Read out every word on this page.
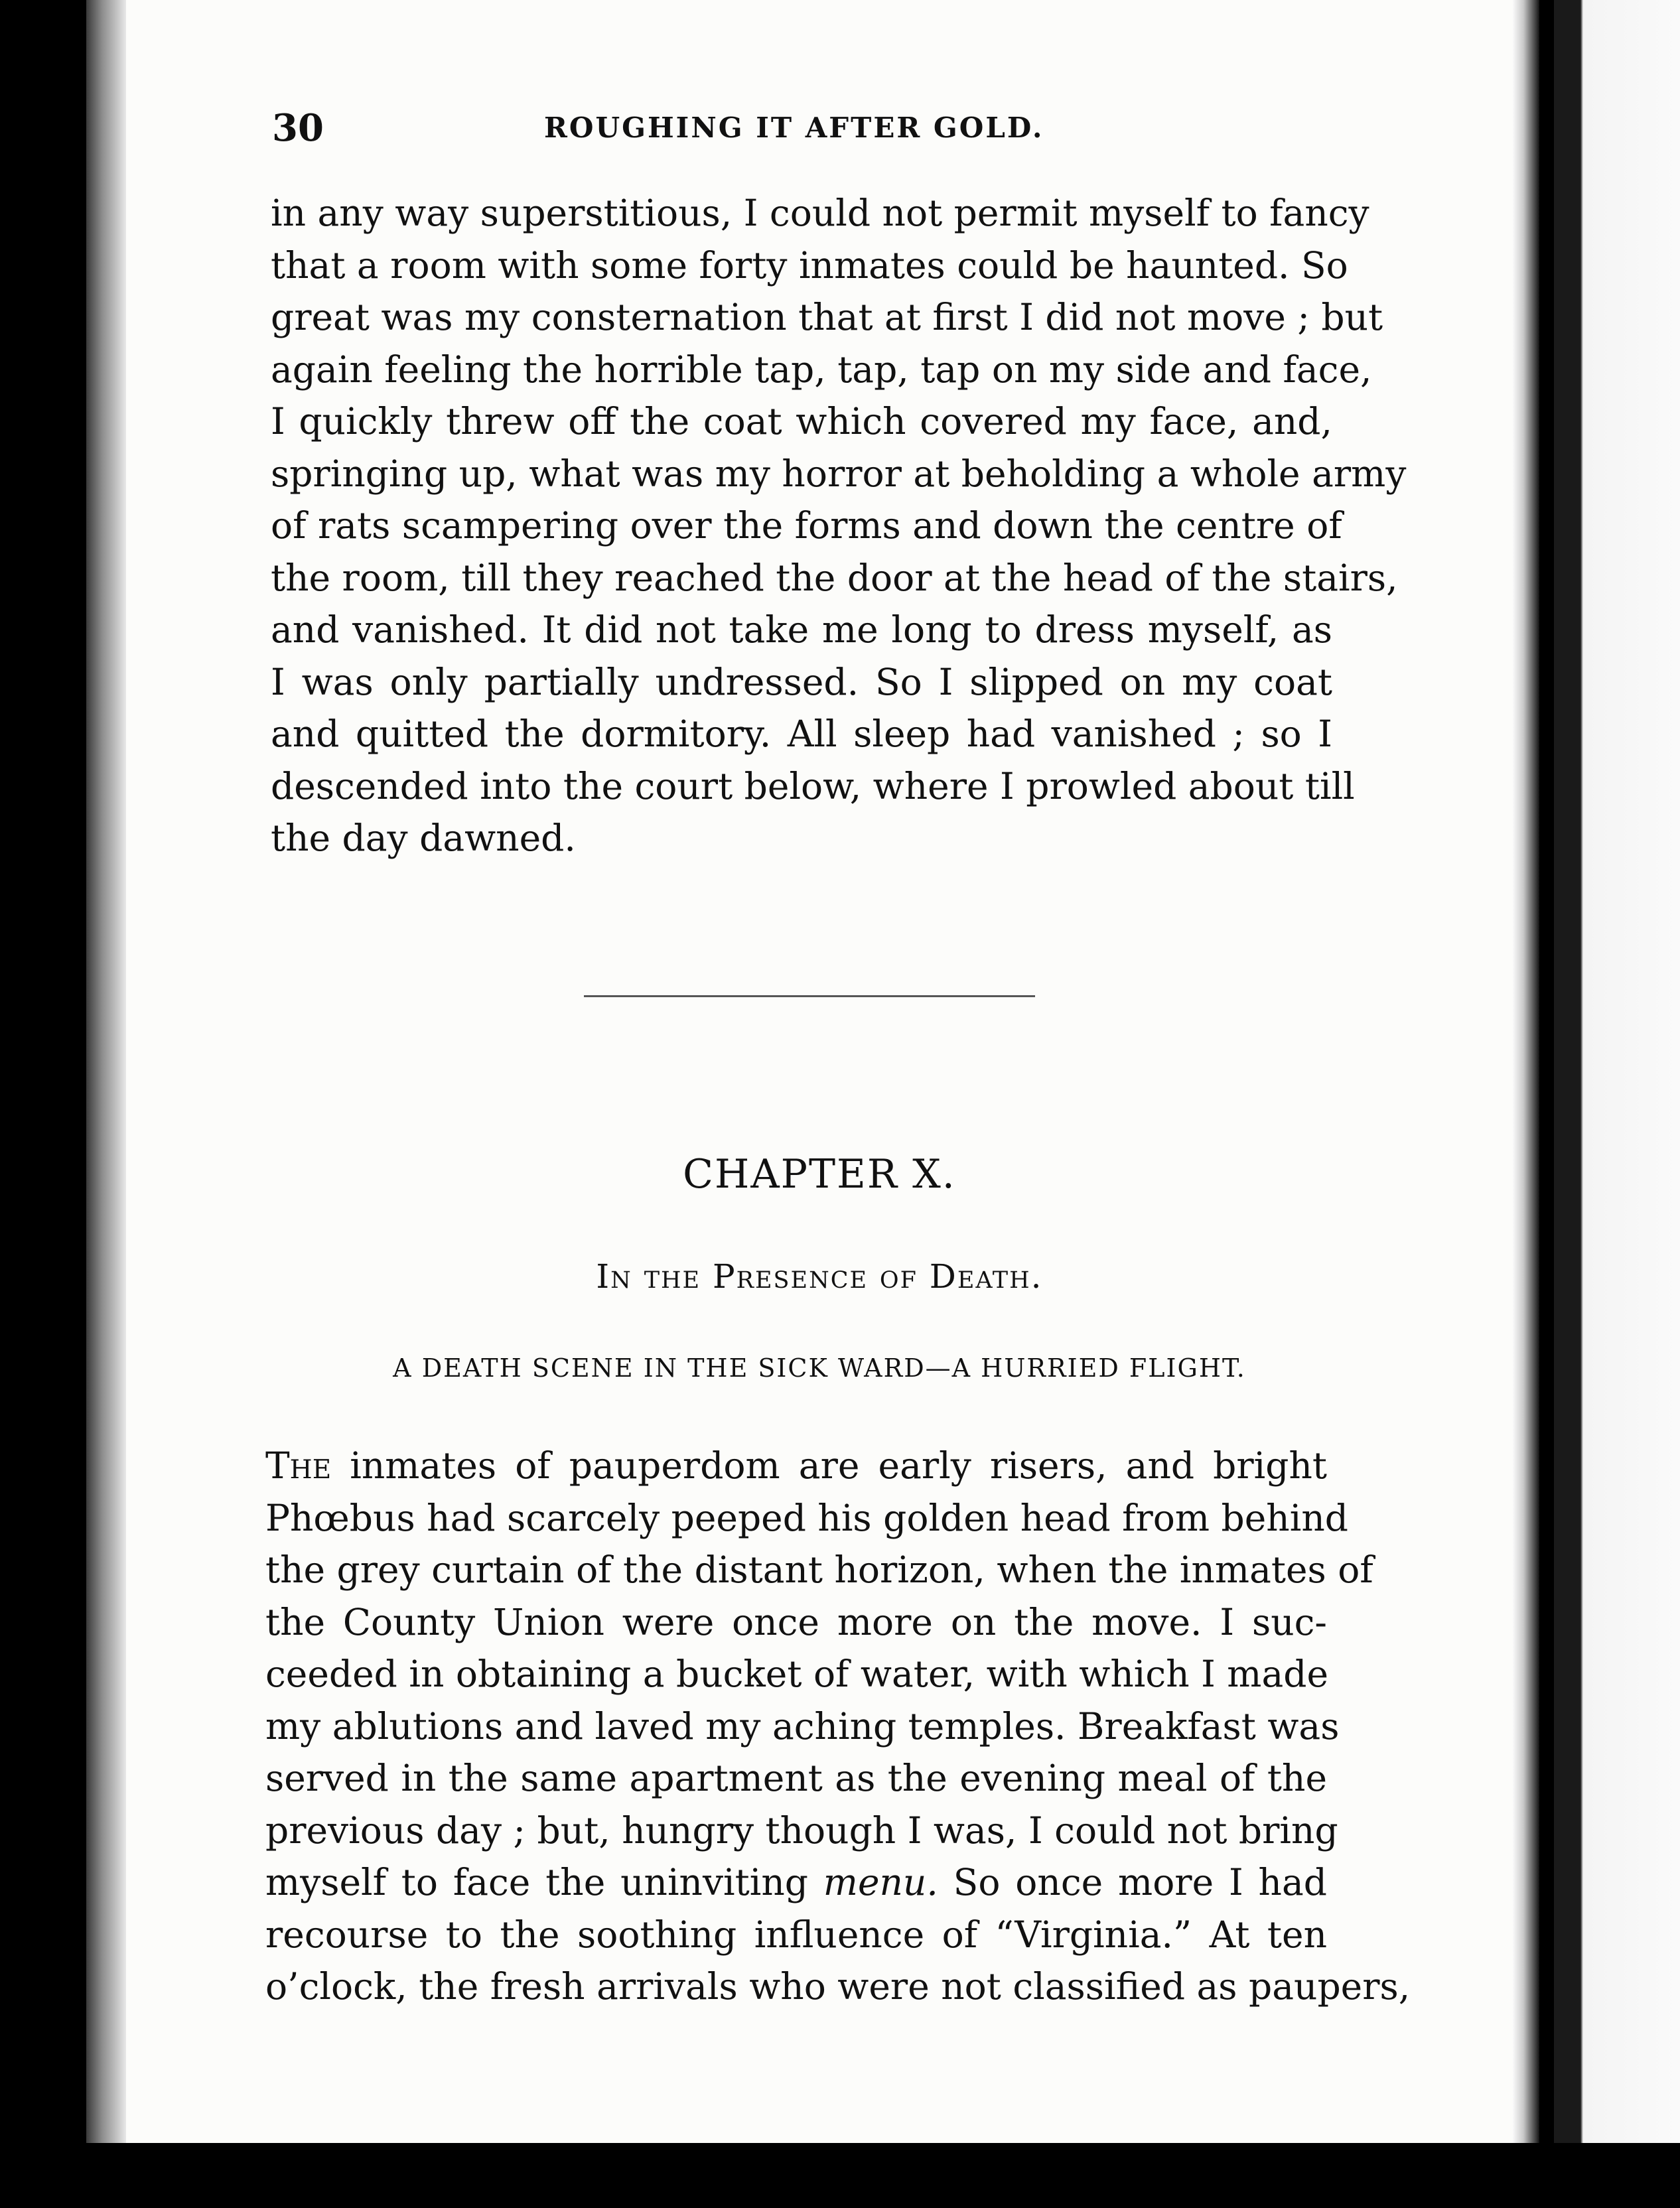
30	ROUGHING IT AFTER GOLD.
in any way superstitious, I could not permit myself to fancy
that a room with some forty inmates could be haunted. So
great was my consternation that at first I did not move ; but
again feeling the horrible tap, tap, tap on my side and face,
I quickly threw off the coat which covered my face, and,
springing up, what was my horror at beholding a whole army
of rats scampering over the forms and down the centre of
the room, till they reached the door at the head of the stairs,
and vanished. It did not take me long to dress myself, as
I was only partially undressed. So I slipped on my coat
and quitted the dormitory. All sleep had vanished ; so I
descended into the court below, where I prowled about till
the day dawned.
CHAPTER X.
In the Presence of Death.
A DEATH SCENE IN THE SICK WARD—A HURRIED FLIGHT.
The inmates of pauperdom are early risers, and bright
Phœbus had scarcely peeped his golden head from behind
the grey curtain of the distant horizon, when the inmates of
the County Union were once more on the move. I suc-
ceeded in obtaining a bucket of water, with which I made
my ablutions and laved my aching temples. Breakfast was
served in the same apartment as the evening meal of the
previous day ; but, hungry though I was, I could not bring
myself to face the uninviting menu. So once more I had
recourse to the soothing influence of “Virginia.” At ten
o’clock, the fresh arrivals who were not classified as paupers,
